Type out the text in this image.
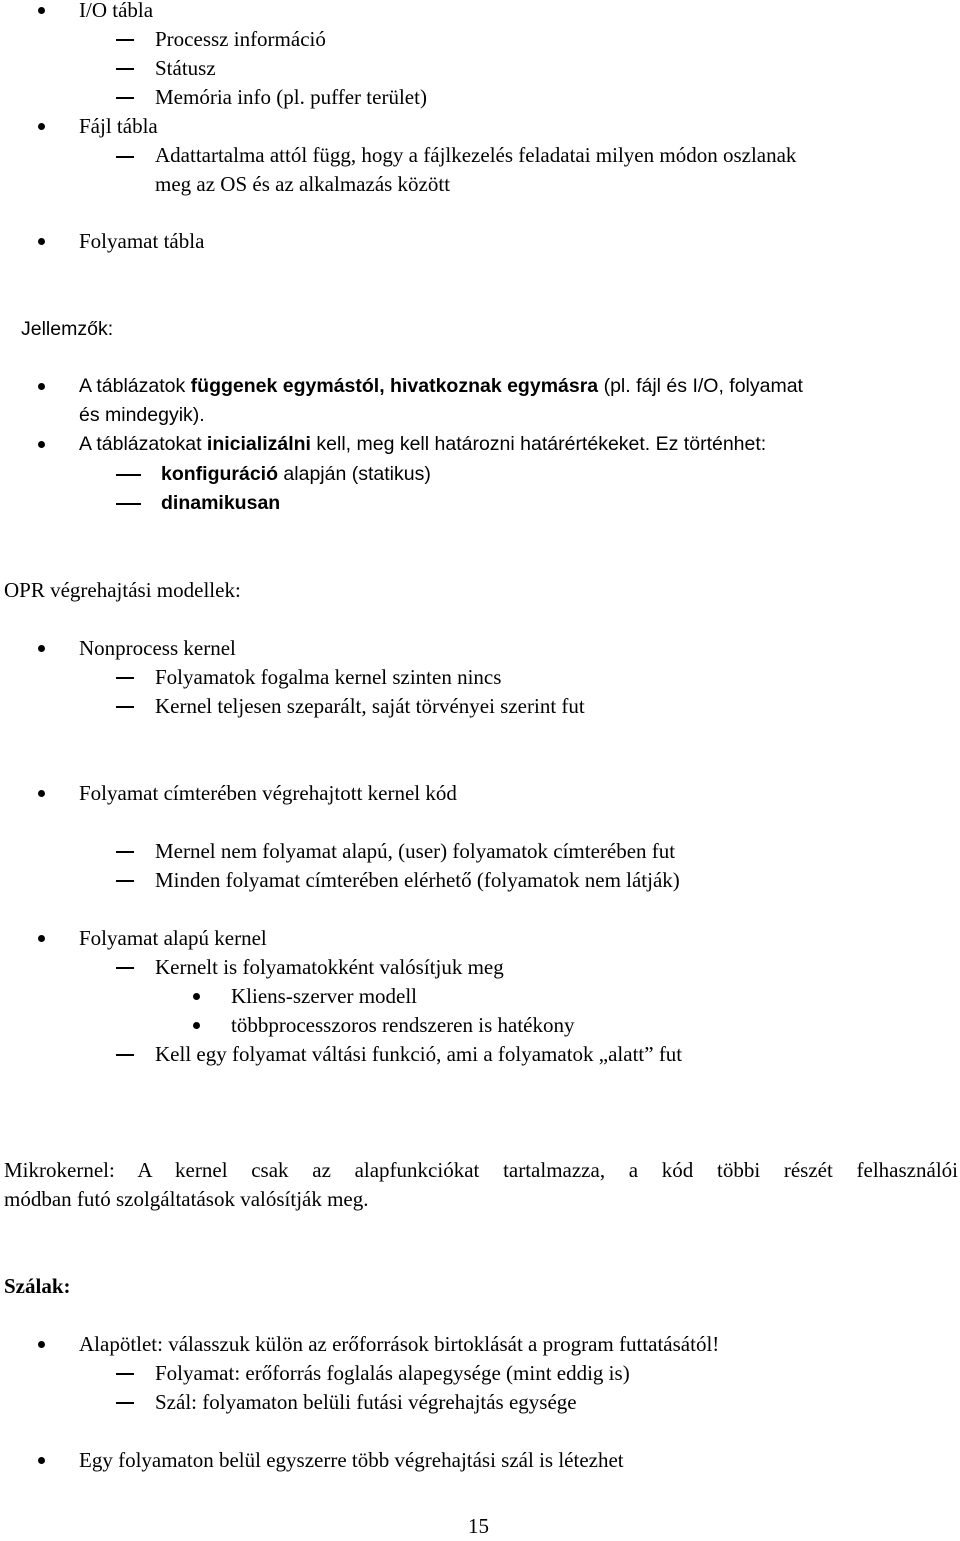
I/O tábla
Processz információ
Státusz
Memória info (pl. puffer terület)
Fájl tábla
Adattartalma attól függ, hogy a fájlkezelés feladatai milyen módon oszlanak
meg az OS és az alkalmazás között
Folyamat tábla
Jellemzők:
A táblázatok függenek egymástól, hivatkoznak egymásra (pl. fájl és I/O, folyamat
és mindegyik).
A táblázatokat inicializálni kell, meg kell határozni határértékeket. Ez történhet:
konfiguráció alapján (statikus)
dinamikusan
OPR végrehajtási modellek:
Nonprocess kernel
Folyamatok fogalma kernel szinten nincs
Kernel teljesen szeparált, saját törvényei szerint fut
Folyamat címterében végrehajtott kernel kód
Mernel nem folyamat alapú, (user) folyamatok címterében fut
Minden folyamat címterében elérhető (folyamatok nem látják)
Folyamat alapú kernel
Kernelt is folyamatokként valósítjuk meg
Kliens-szerver modell
többprocesszoros rendszeren is hatékony
Kell egy folyamat váltási funkció, ami a folyamatok „alatt” fut
Mikrokernel: A kernel csak az alapfunkciókat tartalmazza, a kód többi részét felhasználói
módban futó szolgáltatások valósítják meg.
Szálak:
Alapötlet: válasszuk külön az erőforrások birtoklását a program futtatásától!
Folyamat: erőforrás foglalás alapegysége (mint eddig is)
Szál: folyamaton belüli futási végrehajtás egysége
Egy folyamaton belül egyszerre több végrehajtási szál is létezhet
15
